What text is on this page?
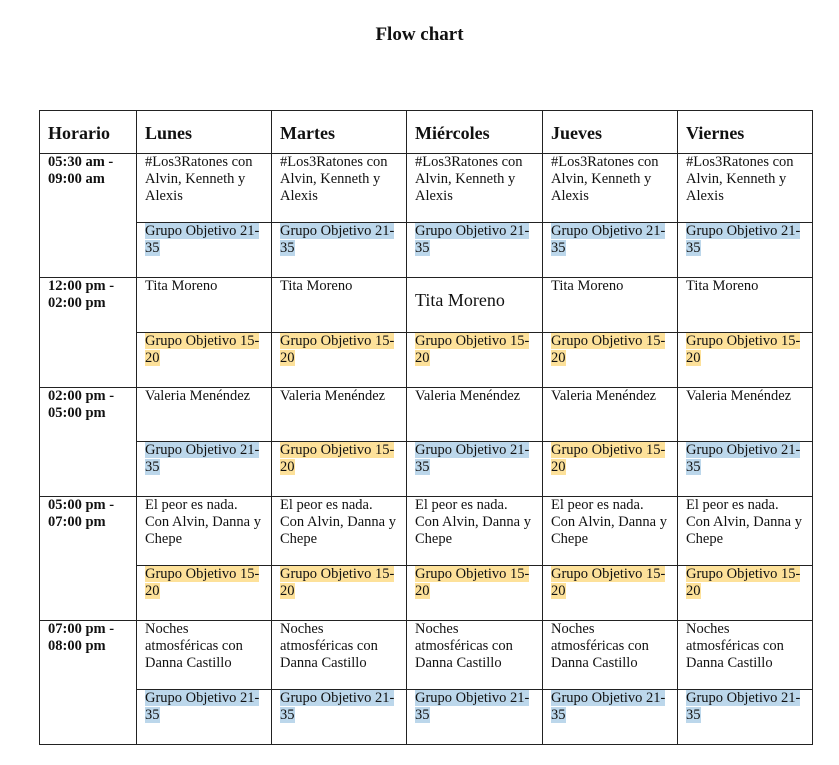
Flow chart
Horario	Lunes	Martes	Miércoles	Jueves	Viernes
05:30 am -
09:00 am	#Los3Ratones con Alvin, Kenneth y Alexis	#Los3Ratones con Alvin, Kenneth y Alexis	#Los3Ratones con Alvin, Kenneth y Alexis	#Los3Ratones con Alvin, Kenneth y Alexis	#Los3Ratones con Alvin, Kenneth y Alexis
	Grupo Objetivo 21-35	Grupo Objetivo 21-35	Grupo Objetivo 21-35	Grupo Objetivo 21-35	Grupo Objetivo 21-35
12:00 pm -
02:00 pm	Tita Moreno	Tita Moreno	Tita Moreno	Tita Moreno	Tita Moreno
	Grupo Objetivo 15-20	Grupo Objetivo 15-20	Grupo Objetivo 15-20	Grupo Objetivo 15-20	Grupo Objetivo 15-20
02:00 pm -
05:00 pm	Valeria Menéndez	Valeria Menéndez	Valeria Menéndez	Valeria Menéndez	Valeria Menéndez
	Grupo Objetivo 21-35	Grupo Objetivo 15-20	Grupo Objetivo 21-35	Grupo Objetivo 15-20	Grupo Objetivo 21-35
05:00 pm -
07:00 pm	El peor es nada. Con Alvin, Danna y Chepe	El peor es nada. Con Alvin, Danna y Chepe	El peor es nada. Con Alvin, Danna y Chepe	El peor es nada. Con Alvin, Danna y Chepe	El peor es nada. Con Alvin, Danna y Chepe
	Grupo Objetivo 15-20	Grupo Objetivo 15-20	Grupo Objetivo 15-20	Grupo Objetivo 15-20	Grupo Objetivo 15-20
07:00 pm -
08:00 pm	Noches atmosféricas con Danna Castillo	Noches atmosféricas con Danna Castillo	Noches atmosféricas con Danna Castillo	Noches atmosféricas con Danna Castillo	Noches atmosféricas con Danna Castillo
	Grupo Objetivo 21-35	Grupo Objetivo 21-35	Grupo Objetivo 21-35	Grupo Objetivo 21-35	Grupo Objetivo 21-35
